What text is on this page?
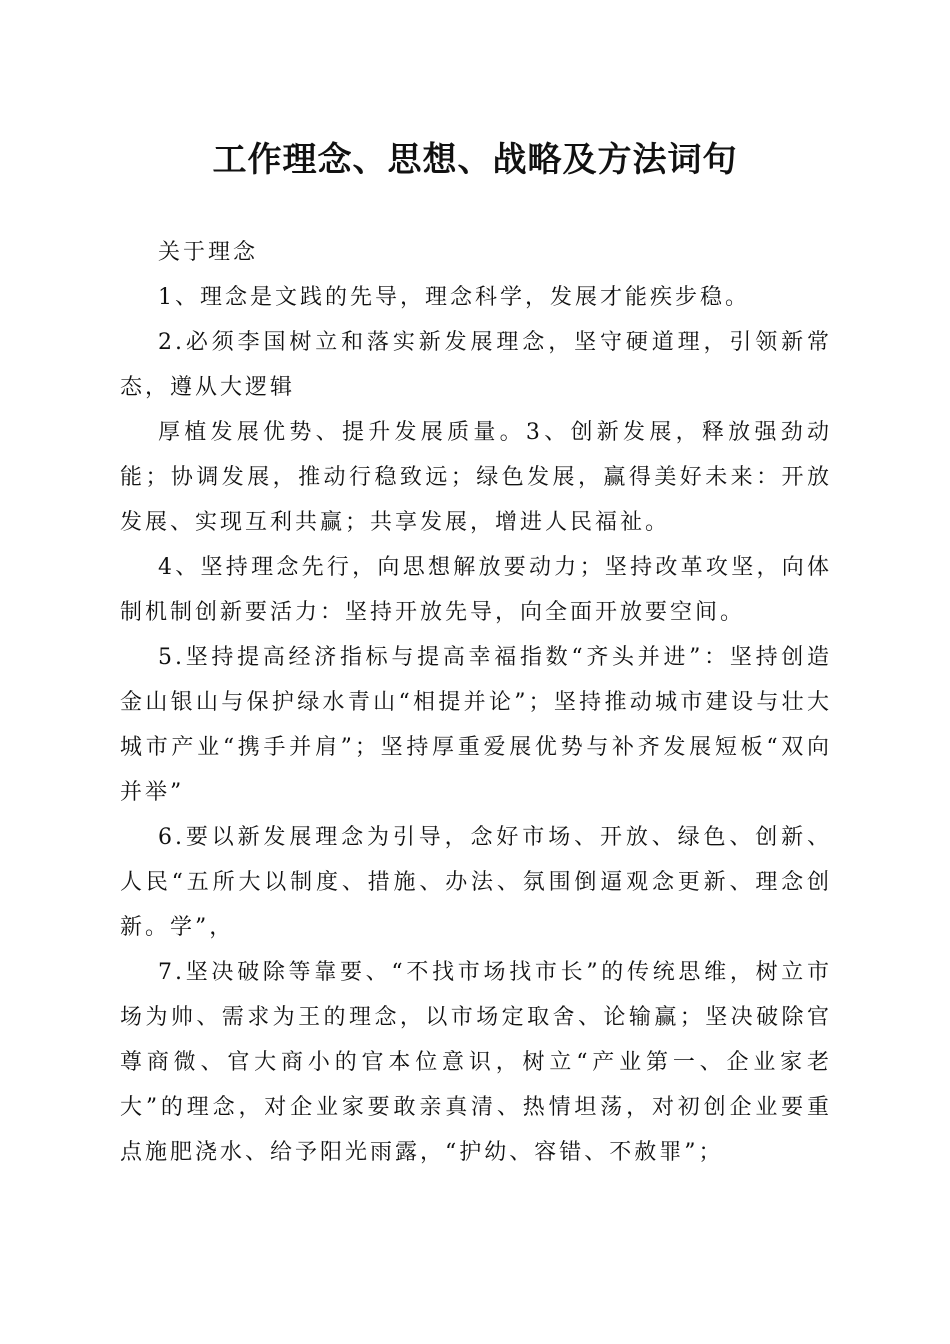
工作理念、思想、战略及方法词句

关于理念

1、理念是文践的先导，理念科学，发展才能疾步稳。

2.必须李国树立和落实新发展理念，坚守硬道理，引领新常态，遵从大逻辑

厚植发展优势、提升发展质量。3、创新发展，释放强劲动能；协调发展，推动行稳致远；绿色发展，赢得美好未来：开放发展、实现互利共赢；共享发展，增进人民福祉。

4、坚持理念先行，向思想解放要动力；坚持改革攻坚，向体制机制创新要活力：坚持开放先导，向全面开放要空间。

5.坚持提高经济指标与提高幸福指数“齐头并进”：坚持创造金山银山与保护绿水青山“相提并论”；坚持推动城市建设与壮大城市产业“携手并肩”；坚持厚重爱展优势与补齐发展短板“双向并举”

6.要以新发展理念为引导，念好市场、开放、绿色、创新、人民“五所大以制度、措施、办法、氛围倒逼观念更新、理念创新。学”，

7.坚决破除等靠要、“不找市场找市长”的传统思维，树立市场为帅、需求为王的理念，以市场定取舍、论输赢；坚决破除官尊商微、官大商小的官本位意识，树立“产业第一、企业家老大”的理念，对企业家要敢亲真清、热情坦荡，对初创企业要重点施肥浇水、给予阳光雨露，“护幼、容错、不赦罪”；
